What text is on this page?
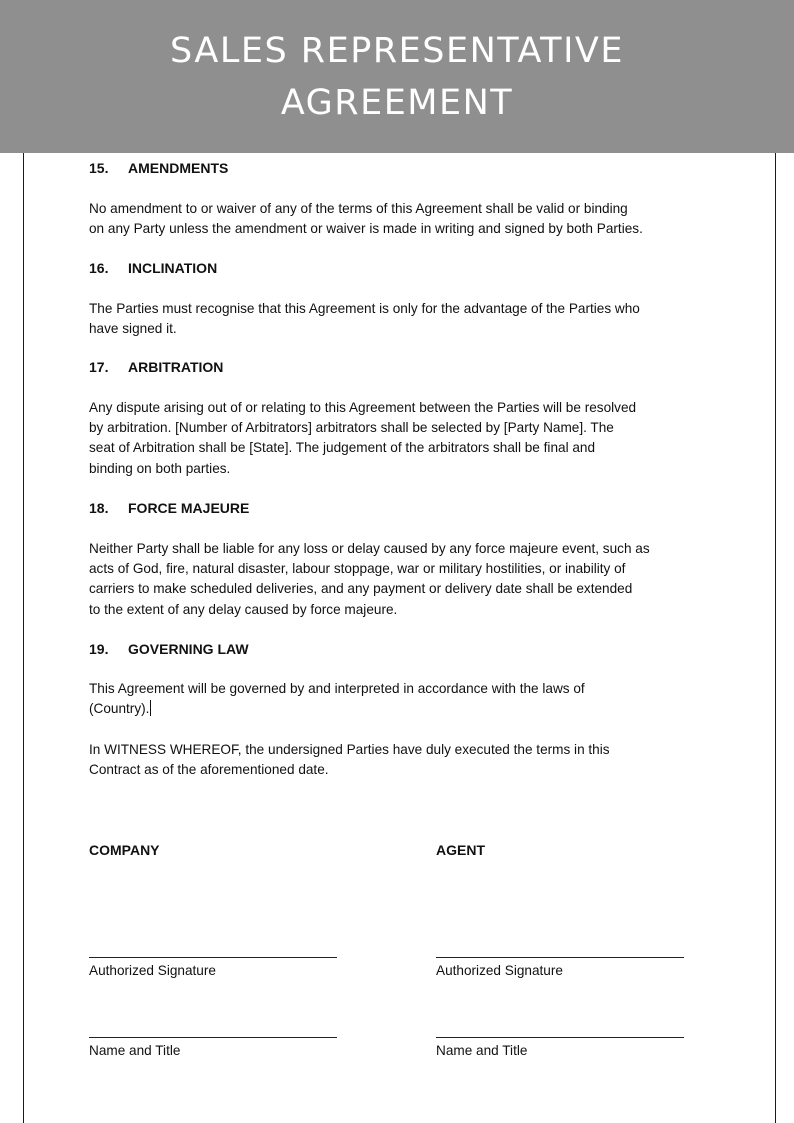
SALES REPRESENTATIVE
AGREEMENT
15. AMENDMENTS
No amendment to or waiver of any of the terms of this Agreement shall be valid or binding
on any Party unless the amendment or waiver is made in writing and signed by both Parties.
16. INCLINATION
The Parties must recognise that this Agreement is only for the advantage of the Parties who
have signed it.
17. ARBITRATION
Any dispute arising out of or relating to this Agreement between the Parties will be resolved
by arbitration. [Number of Arbitrators] arbitrators shall be selected by [Party Name]. The
seat of Arbitration shall be [State]. The judgement of the arbitrators shall be final and
binding on both parties.
18. FORCE MAJEURE
Neither Party shall be liable for any loss or delay caused by any force majeure event, such as
acts of God, fire, natural disaster, labour stoppage, war or military hostilities, or inability of
carriers to make scheduled deliveries, and any payment or delivery date shall be extended
to the extent of any delay caused by force majeure.
19. GOVERNING LAW
This Agreement will be governed by and interpreted in accordance with the laws of
(Country).
In WITNESS WHEREOF, the undersigned Parties have duly executed the terms in this
Contract as of the aforementioned date.
COMPANY
Authorized Signature
Name and Title
AGENT
Authorized Signature
Name and Title
